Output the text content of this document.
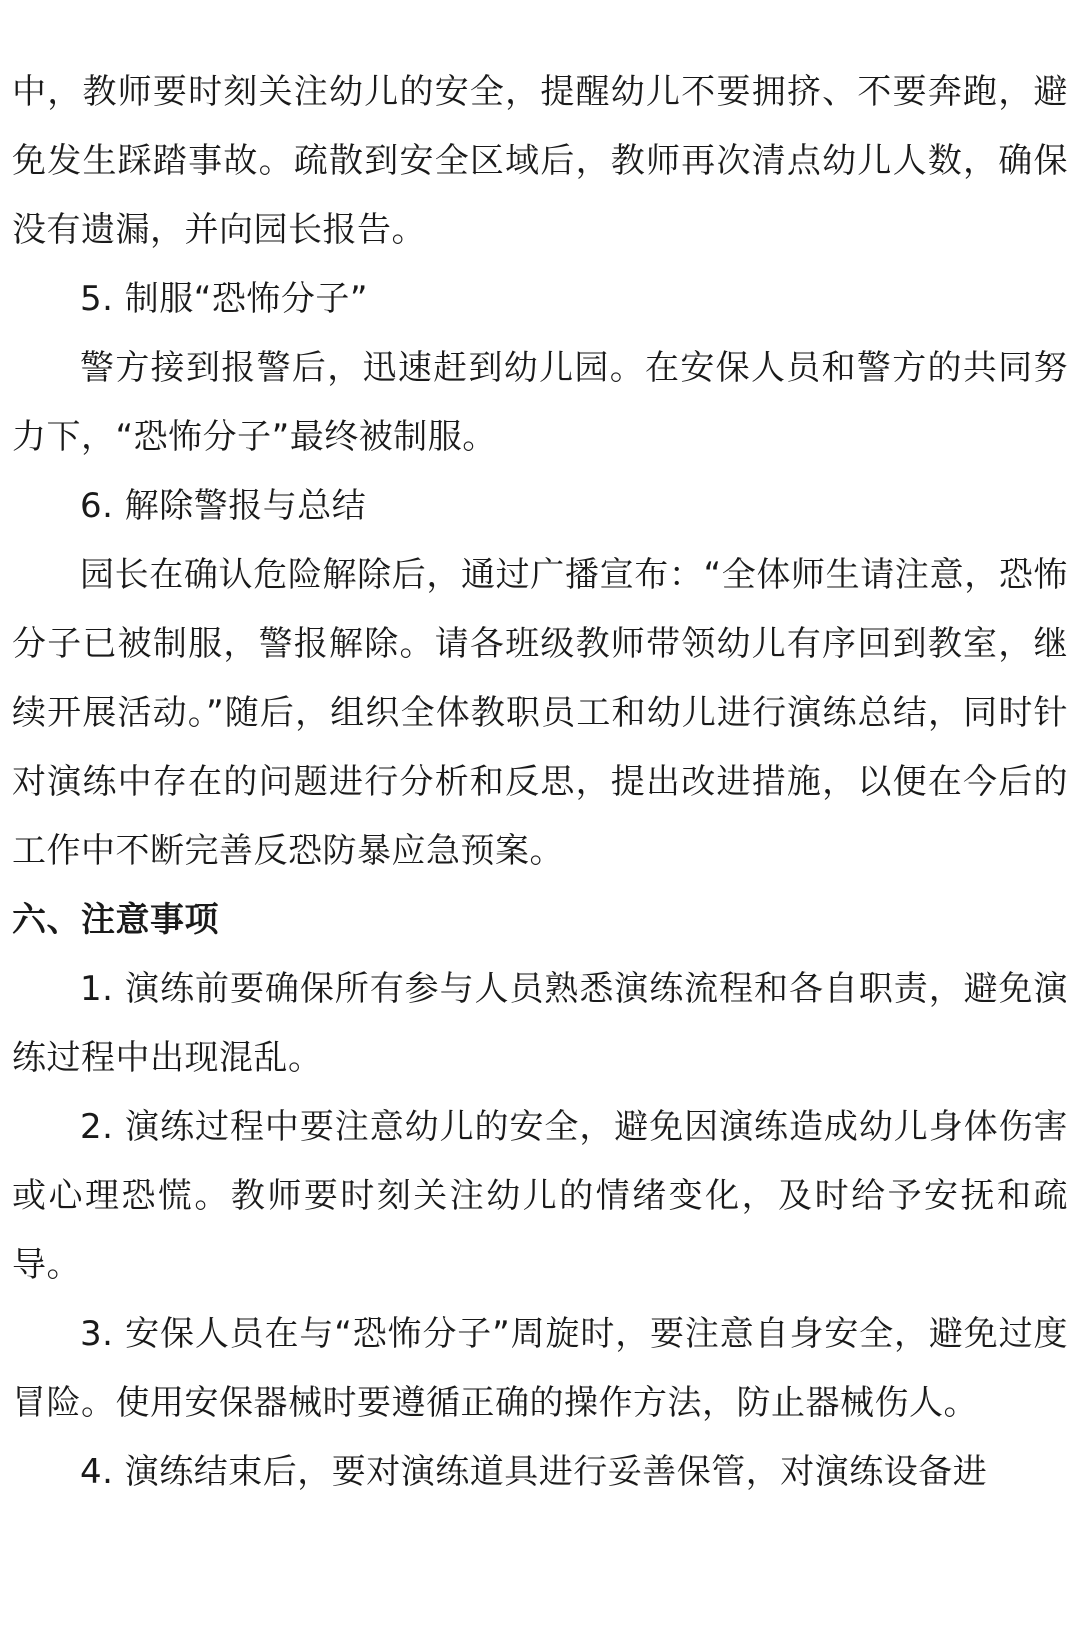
中，教师要时刻关注幼儿的安全，提醒幼儿不要拥挤、不要奔跑，避免发生踩踏事故。疏散到安全区域后，教师再次清点幼儿人数，确保没有遗漏，并向园长报告。

5. 制服“恐怖分子”

警方接到报警后，迅速赶到幼儿园。在安保人员和警方的共同努力下，“恐怖分子”最终被制服。

6. 解除警报与总结

园长在确认危险解除后，通过广播宣布：“全体师生请注意，恐怖分子已被制服，警报解除。请各班级教师带领幼儿有序回到教室，继续开展活动。”随后，组织全体教职员工和幼儿进行演练总结，同时针对演练中存在的问题进行分析和反思，提出改进措施，以便在今后的工作中不断完善反恐防暴应急预案。

六、注意事项

1. 演练前要确保所有参与人员熟悉演练流程和各自职责，避免演练过程中出现混乱。

2. 演练过程中要注意幼儿的安全，避免因演练造成幼儿身体伤害或心理恐慌。教师要时刻关注幼儿的情绪变化，及时给予安抚和疏导。

3. 安保人员在与“恐怖分子”周旋时，要注意自身安全，避免过度冒险。使用安保器械时要遵循正确的操作方法，防止器械伤人。

4. 演练结束后，要对演练道具进行妥善保管，对演练设备进
